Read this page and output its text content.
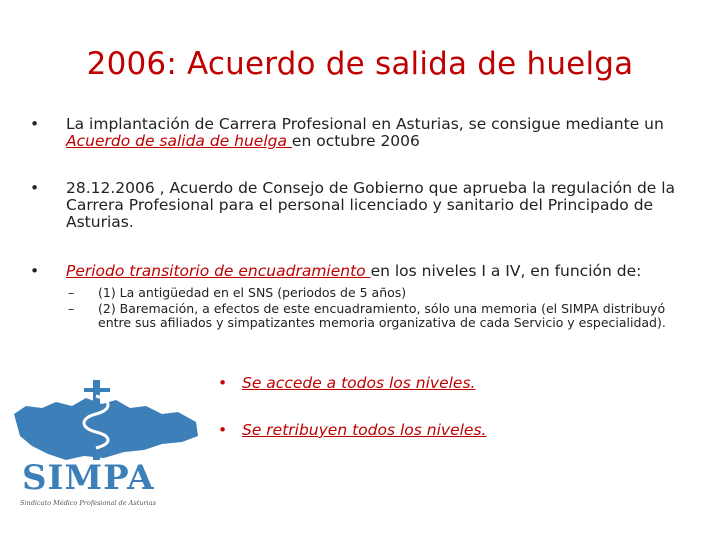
2006: Acuerdo de salida de huelga
• La implantación de Carrera Profesional en Asturias, se consigue mediante un Acuerdo de salida de huelga en octubre 2006
• 28.12.2006 , Acuerdo de Consejo de Gobierno que aprueba la regulación de la Carrera Profesional para el personal licenciado y sanitario del Principado de Asturias.
• Periodo transitorio de encuadramiento en los niveles I a IV, en función de:
– (1) La antigüedad en el SNS (periodos de 5 años)
– (2) Baremación, a efectos de este encuadramiento, sólo una memoria (el SIMPA distribuyó entre sus afiliados y simpatizantes memoria organizativa de cada Servicio y especialidad).
SIMPA
Sindicato Médico Profesional de Asturias
• Se accede a todos los niveles.
• Se retribuyen todos los niveles.
